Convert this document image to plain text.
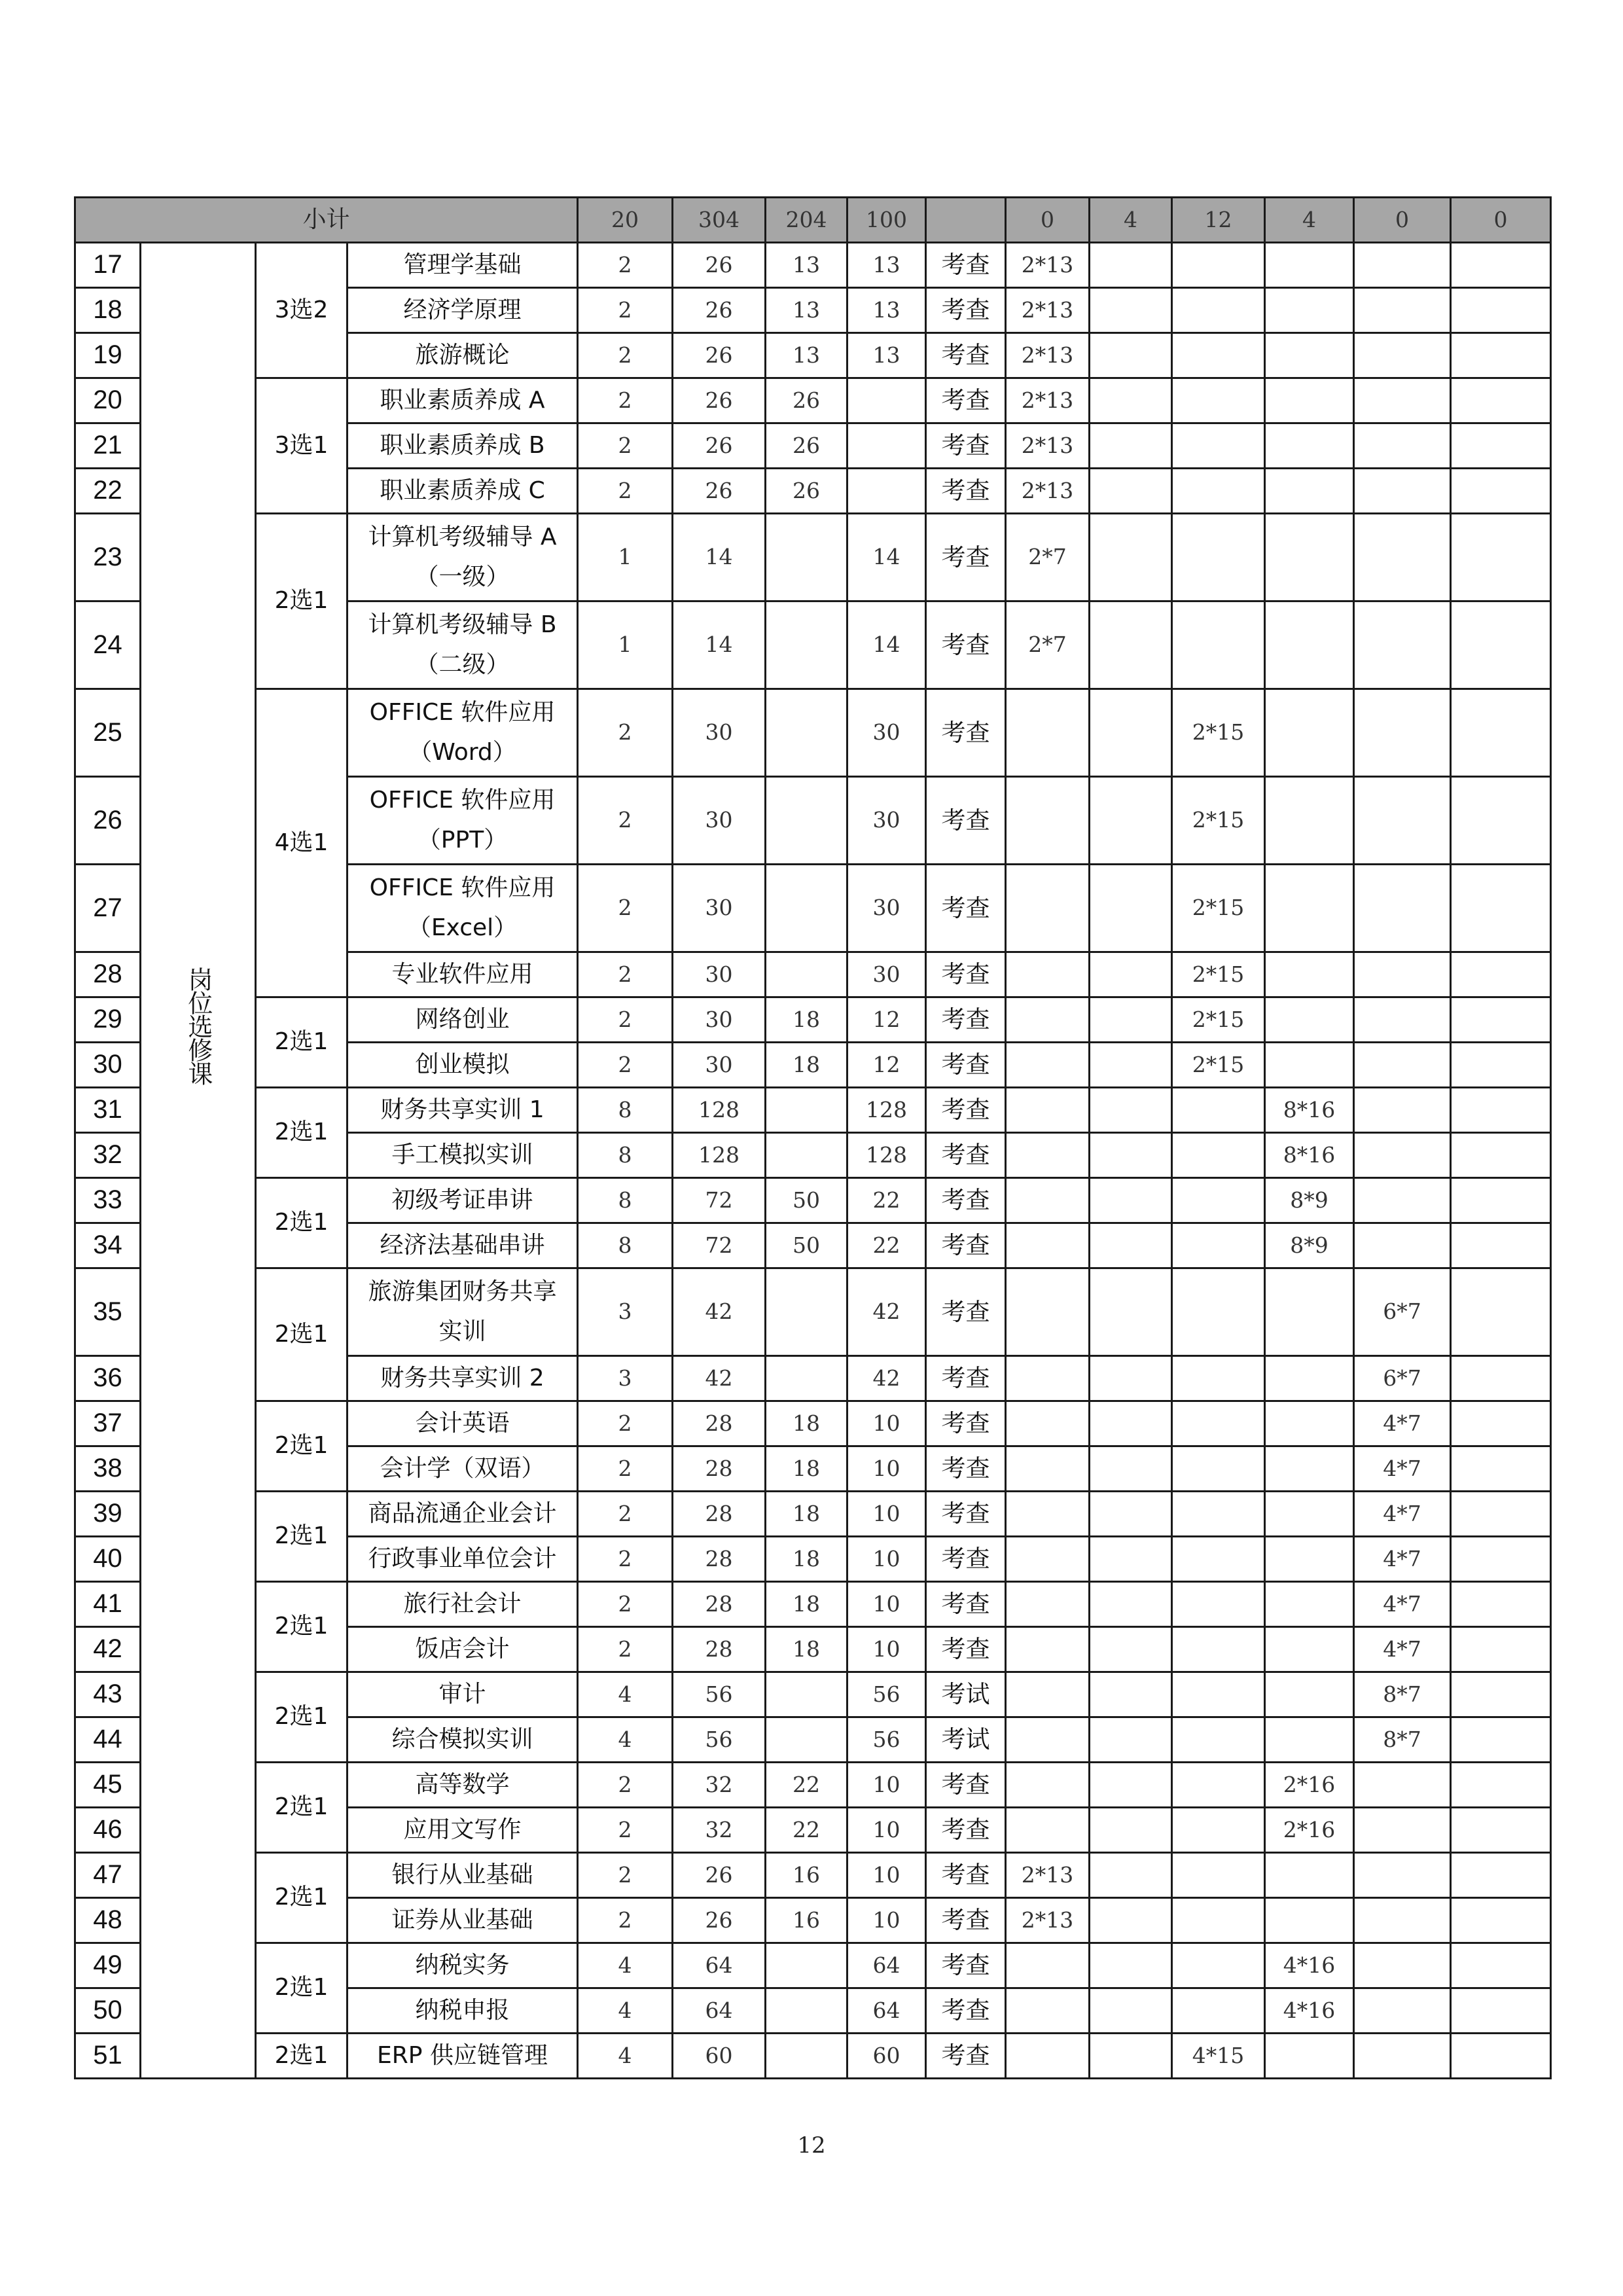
小计				20	304	204	100		0	4	12	4	0	0
17	岗位选修课	3选2	管理学基础	2	26	13	13	考查	2*13					
18			经济学原理	2	26	13	13	考查	2*13					
19			旅游概论	2	26	13	13	考查	2*13					
20		3选1	职业素质养成 A	2	26	26		考查	2*13					
21			职业素质养成 B	2	26	26		考查	2*13					
22			职业素质养成 C	2	26	26		考查	2*13					
23		2选1	计算机考级辅导 A
（一级）	1	14		14	考查	2*7					
24			计算机考级辅导 B
（二级）	1	14		14	考查	2*7					
25		4选1	OFFICE 软件应用
（Word）	2	30		30	考查			2*15			
26			OFFICE 软件应用
（PPT）	2	30		30	考查			2*15			
27			OFFICE 软件应用
（Excel）	2	30		30	考查			2*15			
28			专业软件应用	2	30		30	考查			2*15			
29		2选1	网络创业	2	30	18	12	考查			2*15			
30			创业模拟	2	30	18	12	考查			2*15			
31		2选1	财务共享实训 1	8	128		128	考查				8*16		
32			手工模拟实训	8	128		128	考查				8*16		
33		2选1	初级考证串讲	8	72	50	22	考查				8*9		
34			经济法基础串讲	8	72	50	22	考查				8*9		
35		2选1	旅游集团财务共享
实训	3	42		42	考查					6*7	
36			财务共享实训 2	3	42		42	考查					6*7	
37		2选1	会计英语	2	28	18	10	考查					4*7	
38			会计学（双语）	2	28	18	10	考查					4*7	
39		2选1	商品流通企业会计	2	28	18	10	考查					4*7	
40			行政事业单位会计	2	28	18	10	考查					4*7	
41		2选1	旅行社会计	2	28	18	10	考查					4*7	
42			饭店会计	2	28	18	10	考查					4*7	
43		2选1	审计	4	56		56	考试					8*7	
44			综合模拟实训	4	56		56	考试					8*7	
45		2选1	高等数学	2	32	22	10	考查				2*16		
46			应用文写作	2	32	22	10	考查				2*16		
47		2选1	银行从业基础	2	26	16	10	考查	2*13					
48			证券从业基础	2	26	16	10	考查	2*13					
49		2选1	纳税实务	4	64		64	考查				4*16		
50			纳税申报	4	64		64	考查				4*16		
51		2选1	ERP 供应链管理	4	60		60	考查			4*15			
12
